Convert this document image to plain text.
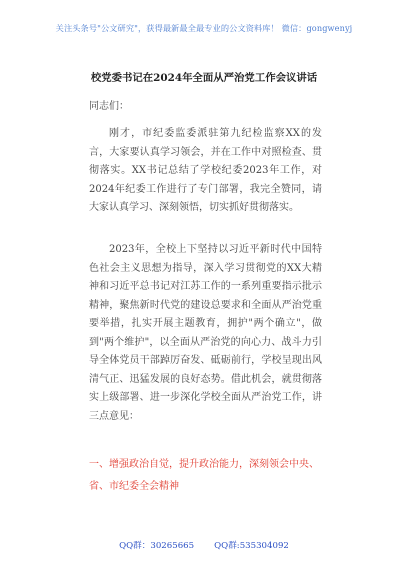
关注头条号"公文研究"，获得最新最全最专业的公文资料库！ 微信：gongwenyj
校党委书记在2024年全面从严治党工作会议讲话
同志们：

刚才，市纪委监委派驻第九纪检监察XX的发言，大家要认真学习领会，并在工作中对照检查、贯彻落实。XX书记总结了学校纪委2023年工作，对2024年纪委工作进行了专门部署，我完全赞同，请大家认真学习、深刻领悟，切实抓好贯彻落实。

2023年，全校上下坚持以习近平新时代中国特色社会主义思想为指导，深入学习贯彻党的XX大精神和习近平总书记对江苏工作的一系列重要指示批示精神，聚焦新时代党的建设总要求和全面从严治党重要举措，扎实开展主题教育，拥护"两个确立"，做到"两个维护"，以全面从严治党的向心力、战斗力引导全体党员干部踔厉奋发、砥砺前行，学校呈现出风清气正、迅猛发展的良好态势。借此机会，就贯彻落实上级部署、进一步深化学校全面从严治党工作，讲三点意见：

一、增强政治自觉，提升政治能力，深刻领会中央、省、市纪委全会精神

QQ群：30265665 QQ群:535304092
